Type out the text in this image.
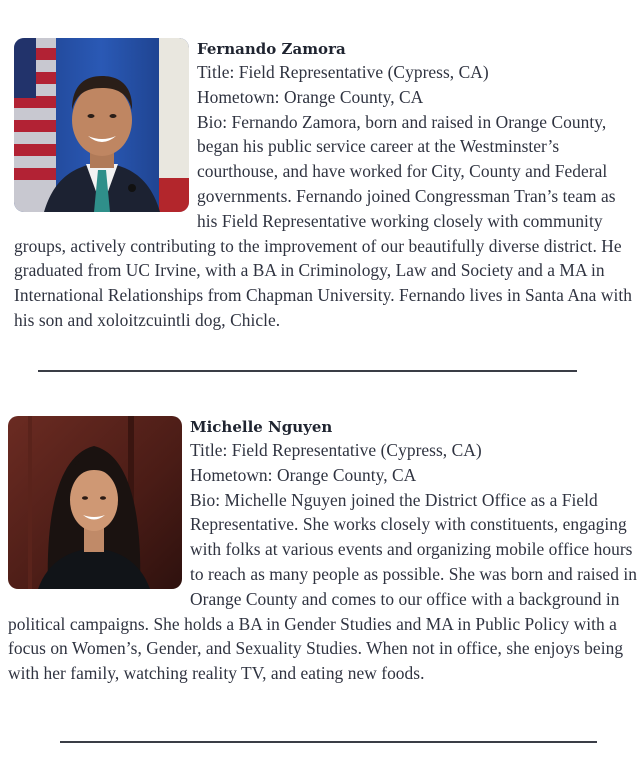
Fernando Zamora

Title: Field Representative (Cypress, CA)

Hometown: Orange County, CA

Bio: Fernando Zamora, born and raised in Orange County, began his public service career at the Westminster’s courthouse, and have worked for City, County and Federal governments. Fernando joined Congressman Tran’s team as his Field Representative working closely with community groups, actively contributing to the improvement of our beautifully diverse district. He graduated from UC Irvine, with a BA in Criminology, Law and Society and a MA in International Relationships from Chapman University. Fernando lives in Santa Ana with his son and xoloitzcuintli dog, Chicle.

Michelle Nguyen

Title: Field Representative (Cypress, CA)

Hometown: Orange County, CA

Bio: Michelle Nguyen joined the District Office as a Field Representative. She works closely with constituents, engaging with folks at various events and organizing mobile office hours to reach as many people as possible. She was born and raised in Orange County and comes to our office with a background in political campaigns. She holds a BA in Gender Studies and MA in Public Policy with a focus on Women’s, Gender, and Sexuality Studies. When not in office, she enjoys being with her family, watching reality TV, and eating new foods.
